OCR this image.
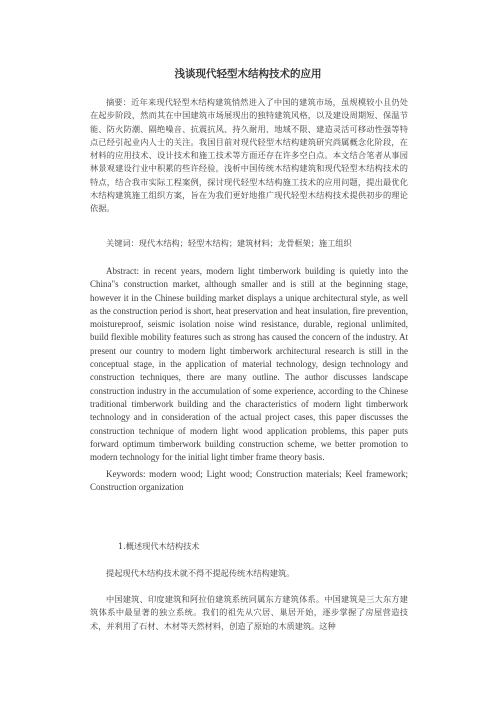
浅谈现代轻型木结构技术的应用

摘要：近年来现代轻型木结构建筑悄然进入了中国的建筑市场，虽规模较小且仍处在起步阶段，然而其在中国建筑市场展现出的独特建筑风格，以及建设周期短、保温节能、防火防潮、隔绝噪音、抗震抗风、持久耐用、地域不限、建造灵活可移动性强等特点已经引起业内人士的关注。我国目前对现代轻型木结构建筑研究尚属概念化阶段，在材料的应用技术、设计技术和施工技术等方面还存在许多空白点。本文结合笔者从事园林景观建设行业中积累的些许经验，浅析中国传统木结构建筑和现代轻型木结构技术的特点，结合我市实际工程案例，探讨现代轻型木结构施工技术的应用问题，提出最优化木结构建筑施工组织方案，旨在为我们更好地推广现代轻型木结构技术提供初步的理论依据。

关键词：现代木结构；轻型木结构；建筑材料；龙骨框架；施工组织

Abstract: in recent years, modern light timberwork building is quietly into the China"s construction market, although smaller and is still at the beginning stage, however it in the Chinese building market displays a unique architectural style, as well as the construction period is short, heat preservation and heat insulation, fire prevention, moistureproof, seismic isolation noise wind resistance, durable, regional unlimited, build flexible mobility features such as strong has caused the concern of the industry. At present our country to modern light timberwork architectural research is still in the conceptual stage, in the application of material technology, design technology and construction techniques, there are many outline. The author discusses landscape construction industry in the accumulation of some experience, according to the Chinese traditional timberwork building and the characteristics of modern light timberwork technology and in consideration of the actual project cases, this paper discusses the construction technique of modern light wood application problems, this paper puts forward optimum timberwork building construction scheme, we better promotion to modern technology for the initial light timber frame theory basis.

Keywords: modern wood; Light wood; Construction materials; Keel framework; Construction organization

1.概述现代木结构技术

提起现代木结构技术就不得不提起传统木结构建筑。

中国建筑、印度建筑和阿拉伯建筑系统同属东方建筑体系。中国建筑是三大东方建筑体系中最显著的独立系统。我们的祖先从穴居、巢居开始，逐步掌握了房屋营造技术，并利用了石材、木材等天然材料，创造了原始的木质建筑。这种
